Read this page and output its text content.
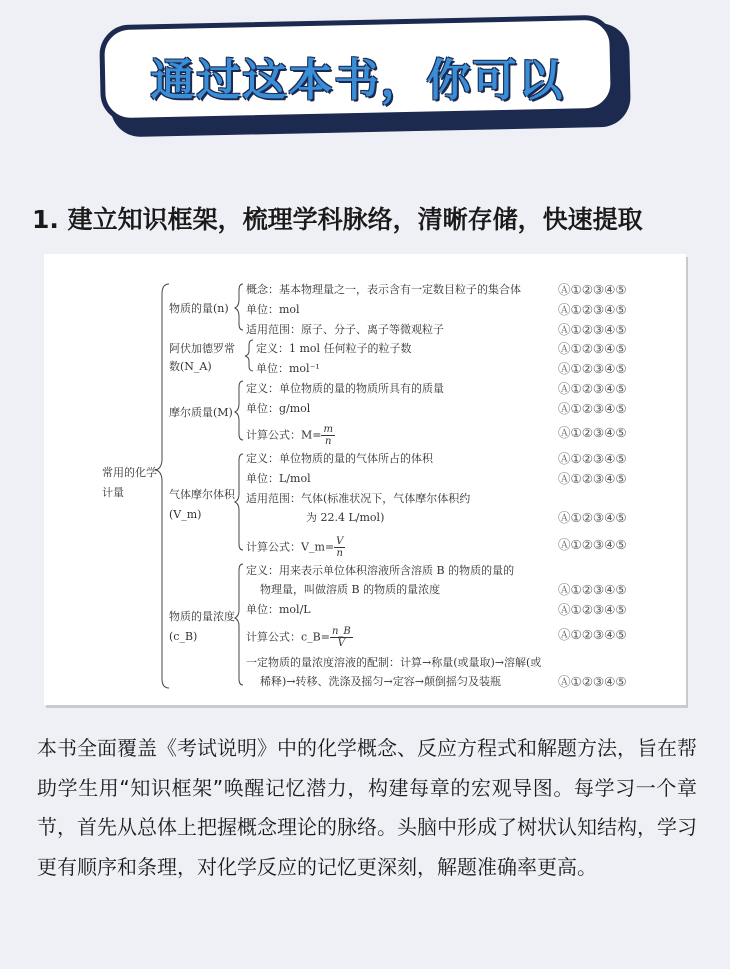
通过这本书，你可以
1. 建立知识框架，梳理学科脉络，清晰存储，快速提取
常用的化学
计量
物质的量(n)
阿伏加德罗常
数(N_A)
摩尔质量(M)
气体摩尔体积
(V_m)
物质的量浓度
(c_B)
概念：基本物理量之一，表示含有一定数目粒子的集合体
单位：mol
适用范围：原子、分子、离子等微观粒子
定义：1 mol 任何粒子的粒子数
单位：mol⁻¹
定义：单位物质的量的物质所具有的质量
单位：g/mol
计算公式：$M= \frac{m}{n}$
定义：单位物质的量的气体所占的体积
单位：L/mol
适用范围：气体(标准状况下，气体摩尔体积约
为 22.4 L/mol)
计算公式：V_m= $\frac{V}{n}$
定义：用来表示单位体积溶液所含溶质 B 的物质的量的
物理量，叫做溶质 B 的物质的量浓度
单位：mol/L
计算公式：c_B= $\frac{n\_B}{V}$
一定物质的量浓度溶液的配制：计算→称量(或量取)→溶解(或
稀释)→转移、洗涤及摇匀→定容→颠倒摇匀及装瓶
Ⓐ①②③④⑤
Ⓐ①②③④⑤
Ⓐ①②③④⑤
Ⓐ①②③④⑤
Ⓐ①②③④⑤
Ⓐ①②③④⑤
Ⓐ①②③④⑤
Ⓐ①②③④⑤
Ⓐ①②③④⑤
Ⓐ①②③④⑤
Ⓐ①②③④⑤
Ⓐ①②③④⑤
Ⓐ①②③④⑤
Ⓐ①②③④⑤
Ⓐ①②③④⑤
Ⓐ①②③④⑤
本书全面覆盖《考试说明》中的化学概念、反应方程式和解题方法，旨在帮助学生用“知识框架”唤醒记忆潜力，构建每章的宏观导图。每学习一个章节，首先从总体上把握概念理论的脉络。头脑中形成了树状认知结构，学习更有顺序和条理，对化学反应的记忆更深刻，解题准确率更高。
